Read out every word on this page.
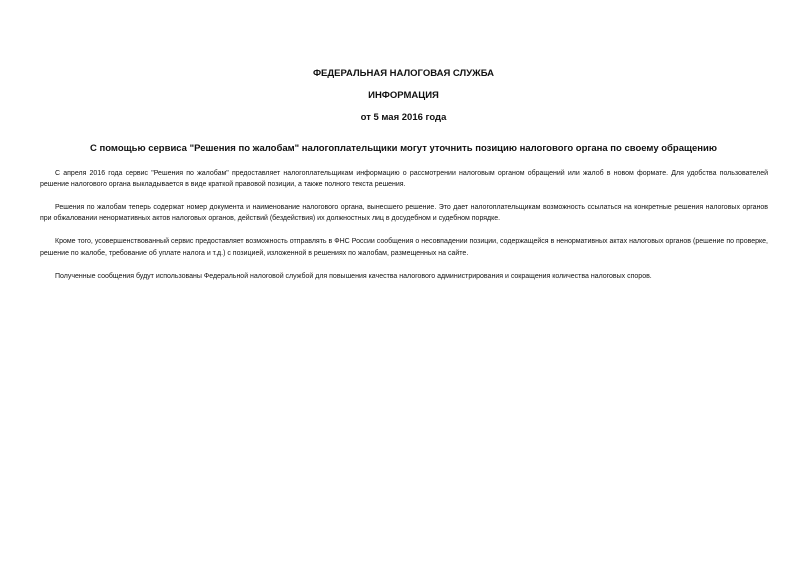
ФЕДЕРАЛЬНАЯ НАЛОГОВАЯ СЛУЖБА
ИНФОРМАЦИЯ
от 5 мая 2016 года
С помощью сервиса "Решения по жалобам" налогоплательщики могут уточнить позицию налогового органа по своему обращению

С апреля 2016 года сервис "Решения по жалобам" предоставляет налогоплательщикам информацию о рассмотрении налоговым органом обращений или жалоб в новом формате. Для удобства пользователей решение налогового органа выкладывается в виде краткой правовой позиции, а также полного текста решения.

Решения по жалобам теперь содержат номер документа и наименование налогового органа, вынесшего решение. Это дает налогоплательщикам возможность ссылаться на конкретные решения налоговых органов при обжаловании ненормативных актов налоговых органов, действий (бездействия) их должностных лиц в досудебном и судебном порядке.

Кроме того, усовершенствованный сервис предоставляет возможность отправлять в ФНС России сообщения о несовпадении позиции, содержащейся в ненормативных актах налоговых органов (решение по проверке, решение по жалобе, требование об уплате налога и т.д.) с позицией, изложенной в решениях по жалобам, размещенных на сайте.

Полученные сообщения будут использованы Федеральной налоговой службой для повышения качества налогового администрирования и сокращения количества налоговых споров.
